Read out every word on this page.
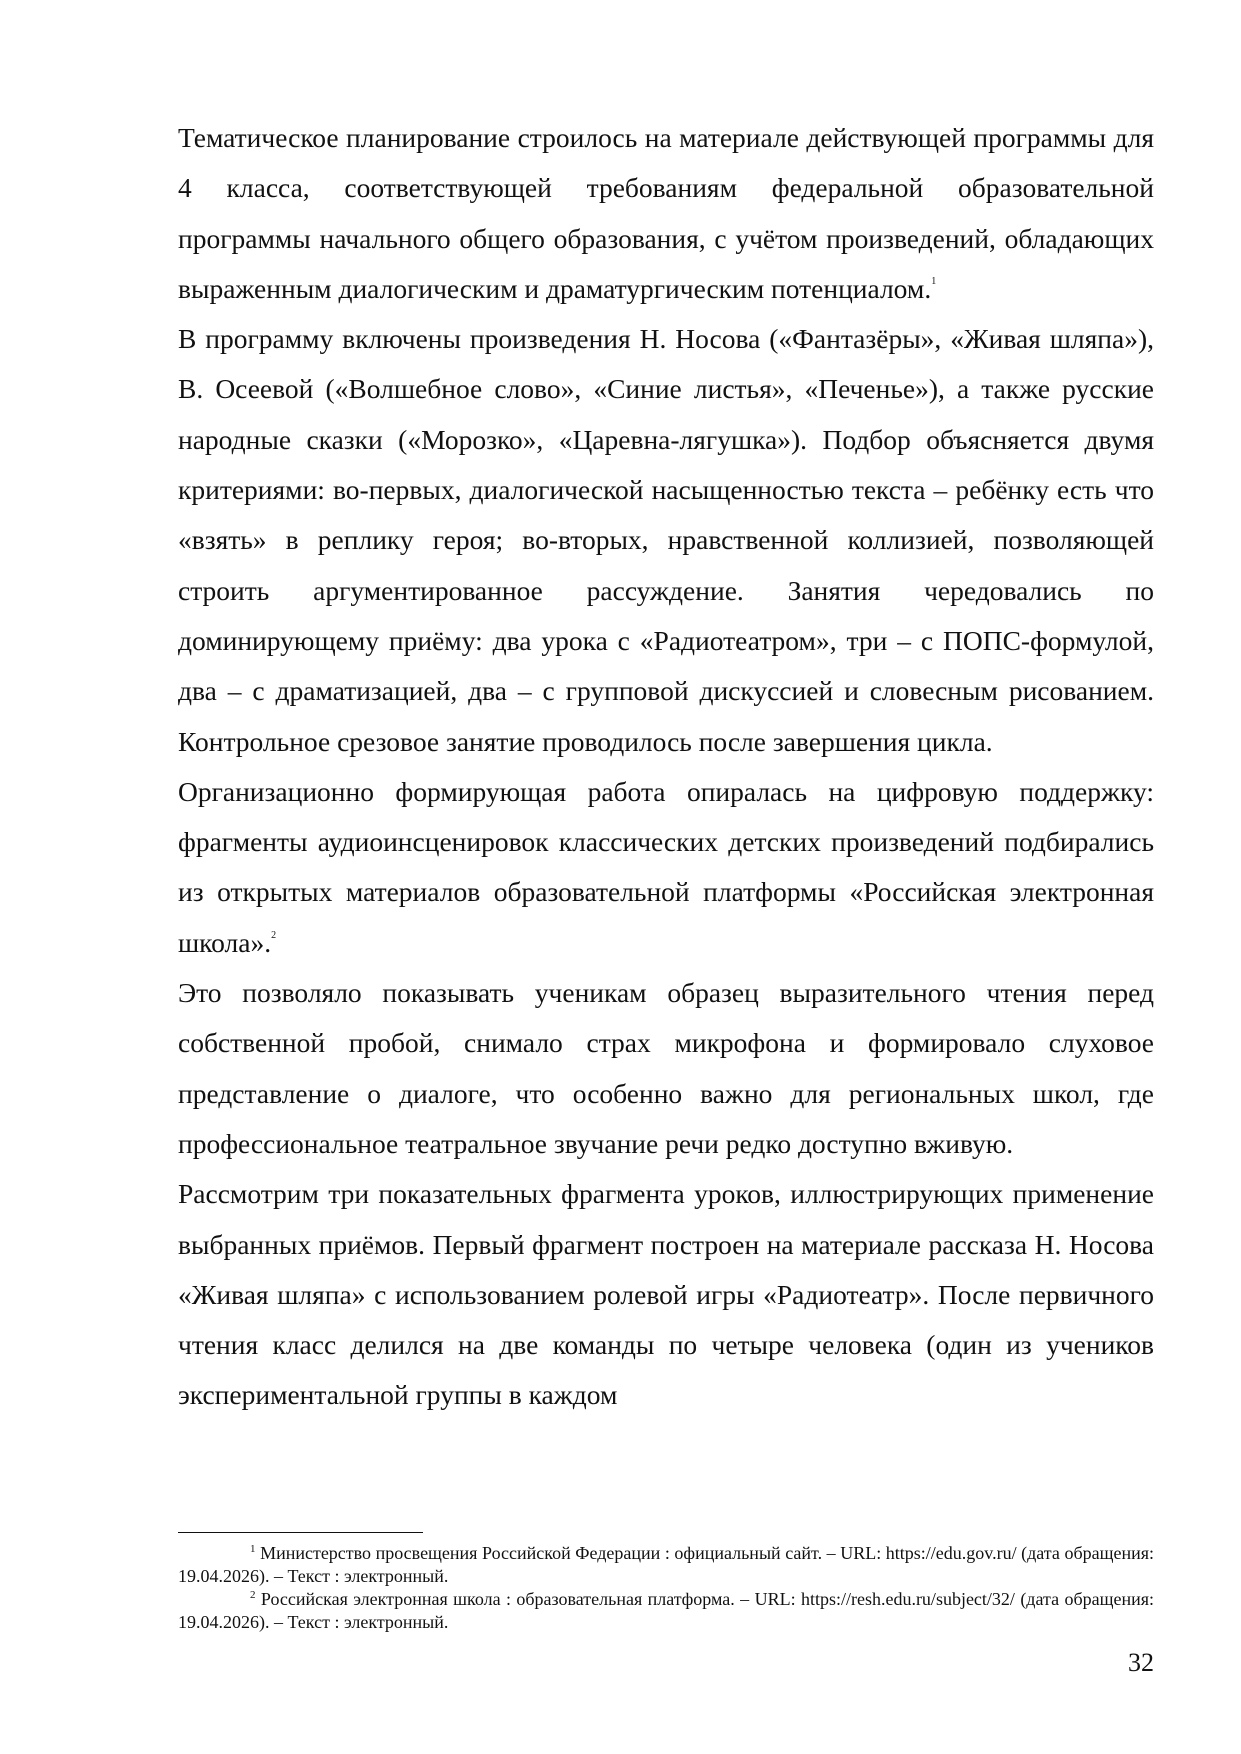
Тематическое планирование строилось на материале действующей программы для 4 класса, соответствующей требованиям федеральной образовательной программы начального общего образования, с учётом произведений, обладающих выраженным диалогическим и драматургическим потенциалом.$^1$

В программу включены произведения Н. Носова («Фантазёры», «Живая шляпа»), В. Осеевой («Волшебное слово», «Синие листья», «Печенье»), а также русские народные сказки («Морозко», «Царевна-лягушка»). Подбор объясняется двумя критериями: во-первых, диалогической насыщенностью текста – ребёнку есть что «взять» в реплику героя; во-вторых, нравственной коллизией, позволяющей строить аргументированное рассуждение. Занятия чередовались по доминирующему приёму: два урока с «Радиотеатром», три – с ПОПС-формулой, два – с драматизацией, два – с групповой дискуссией и словесным рисованием. Контрольное срезовое занятие проводилось после завершения цикла.

Организационно формирующая работа опиралась на цифровую поддержку: фрагменты аудиоинсценировок классических детских произведений подбирались из открытых материалов образовательной платформы «Российская электронная школа».$^2$

Это позволяло показывать ученикам образец выразительного чтения перед собственной пробой, снимало страх микрофона и формировало слуховое представление о диалоге, что особенно важно для региональных школ, где профессиональное театральное звучание речи редко доступно вживую.

Рассмотрим три показательных фрагмента уроков, иллюстрирующих применение выбранных приёмов. Первый фрагмент построен на материале рассказа Н. Носова «Живая шляпа» с использованием ролевой игры «Радиотеатр». После первичного чтения класс делился на две команды по четыре человека (один из учеников экспериментальной группы в каждом

$^1$ Министерство просвещения Российской Федерации : официальный сайт. – URL: https://edu.gov.ru/ (дата обращения: 19.04.2026). – Текст : электронный.

$^2$ Российская электронная школа : образовательная платформа. – URL: https://resh.edu.ru/subject/32/ (дата обращения: 19.04.2026). – Текст : электронный.

32
